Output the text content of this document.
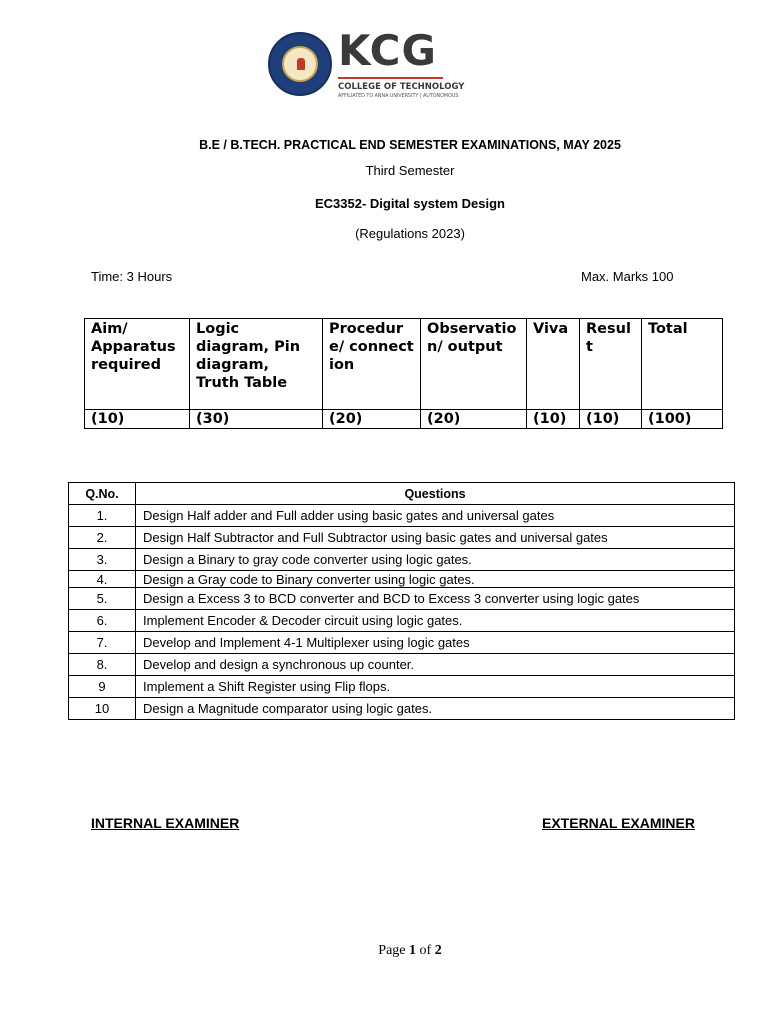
KCG
COLLEGE OF TECHNOLOGY
AFFILIATED TO ANNA UNIVERSITY | AUTONOMOUS
B.E / B.TECH. PRACTICAL END SEMESTER EXAMINATIONS, MAY 2025
Third Semester
EC3352- Digital system Design
(Regulations 2023)
Time: 3 Hours	Max. Marks 100
Aim/ Apparatus required	Logic diagram, Pin diagram, Truth Table	Procedure/ connection	Observation/ output	Viva	Result	Total
(10)	(30)	(20)	(20)	(10)	(10)	(100)
Q.No.	Questions
1.	Design Half adder and Full adder using basic gates and universal gates
2.	Design Half Subtractor and Full Subtractor using basic gates and universal gates
3.	Design a Binary to gray code converter using logic gates.
4.	Design a Gray code to Binary converter using logic gates.
5.	Design a Excess 3 to BCD converter and BCD to Excess 3 converter using logic gates
6.	Implement Encoder & Decoder circuit using logic gates.
7.	Develop and Implement 4-1 Multiplexer using logic gates
8.	Develop and design a synchronous up counter.
9	Implement a Shift Register using Flip flops.
10	Design a Magnitude comparator using logic gates.
INTERNAL EXAMINER	EXTERNAL EXAMINER
Page 1 of 2
